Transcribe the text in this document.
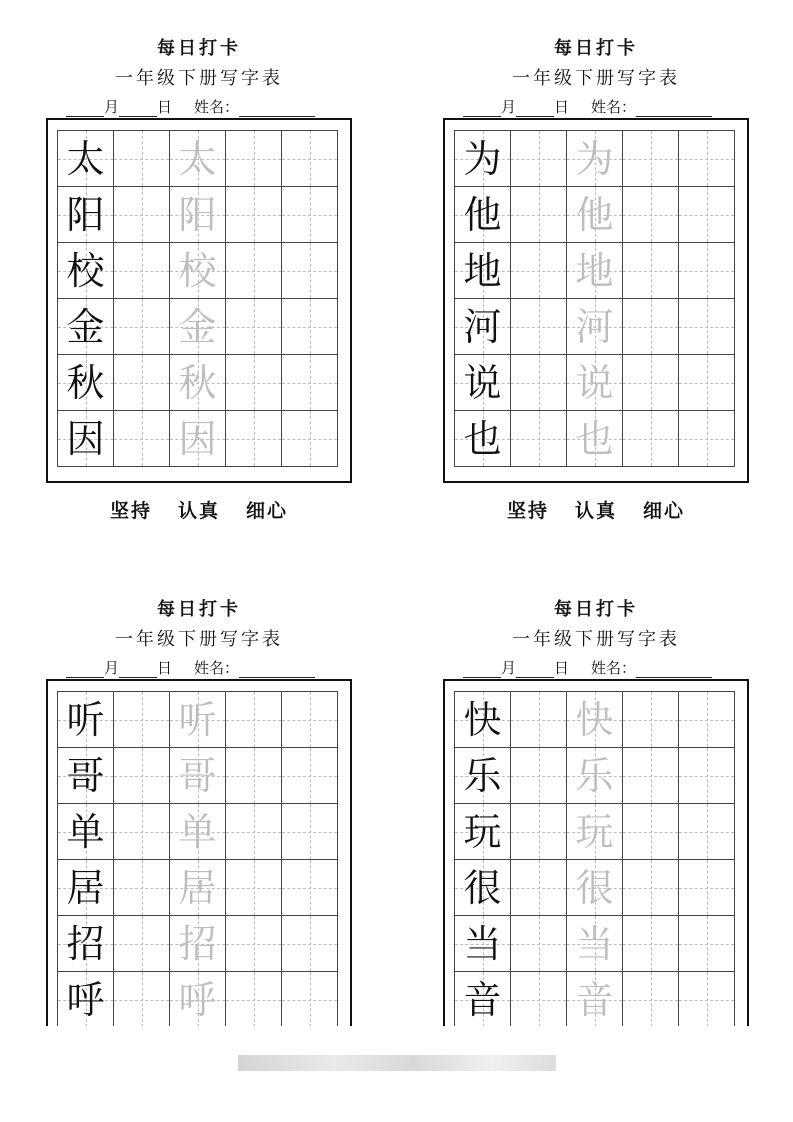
每日打卡
一年级下册写字表
月	日 姓名：
太 太
阳 阳
校 校
金 金
秋 秋
因 因
坚持 认真 细心
每日打卡
一年级下册写字表
月	日 姓名：
为 为
他 他
地 地
河 河
说 说
也 也
坚持 认真 细心
每日打卡
一年级下册写字表
月	日 姓名：
听 听
哥 哥
单 单
居 居
招 招
呼 呼
每日打卡
一年级下册写字表
月	日 姓名：
快 快
乐 乐
玩 玩
很 很
当 当
音 音
